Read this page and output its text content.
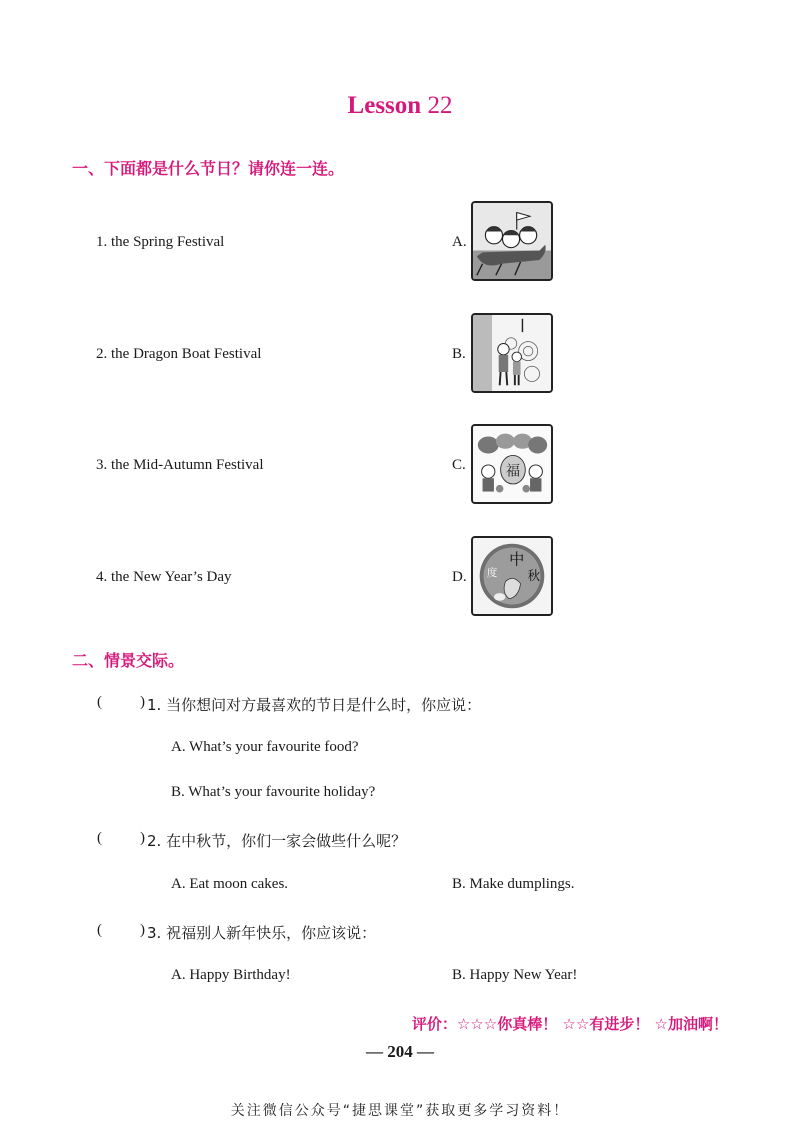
Lesson 22
一、下面都是什么节日？请你连一连。
1. the Spring Festival
2. the Dragon Boat Festival
3. the Mid-Autumn Festival
4. the New Year’s Day
A.
B.
C.
D.
福
中
度 秋
二、情景交际。
(	) 1. 当你想问对方最喜欢的节日是什么时，你应说：
A. What’s your favourite food?
B. What’s your favourite holiday?
(	) 2. 在中秋节，你们一家会做些什么呢？
A. Eat moon cakes.	B. Make dumplings.
(	) 3. 祝福别人新年快乐，你应该说：
A. Happy Birthday!	B. Happy New Year!
评价：☆☆☆你真棒！ ☆☆有进步！ ☆加油啊！
— 204 —
关注微信公众号“捷思课堂”获取更多学习资料！
